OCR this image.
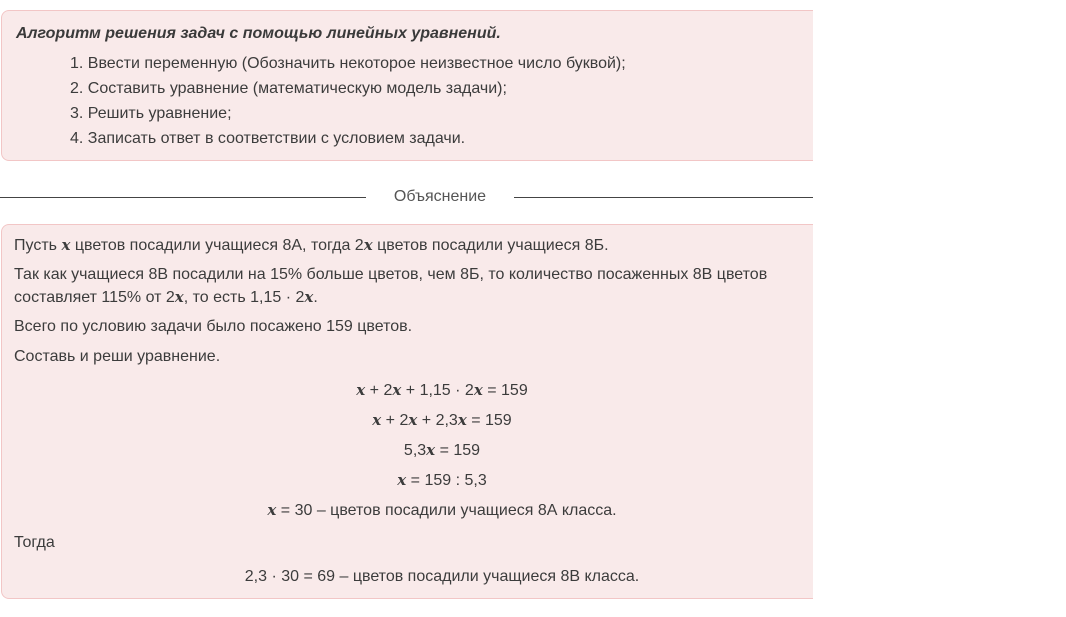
Алгоритм решения задач с помощью линейных уравнений.
1. Ввести переменную (Обозначить некоторое неизвестное число буквой);
2. Составить уравнение (математическую модель задачи);
3. Решить уравнение;
4. Записать ответ в соответствии с условием задачи.
Объяснение
Пусть 𝒙 цветов посадили учащиеся 8А, тогда 2𝒙 цветов посадили учащиеся 8Б.
Так как учащиеся 8В посадили на 15% больше цветов, чем 8Б, то количество посаженных 8В цветов
составляет 115% от 2𝒙, то есть 1,15 · 2𝒙.
Всего по условию задачи было посажено 159 цветов.
Составь и реши уравнение.
𝒙 + 2𝒙 + 1,15 · 2𝒙 = 159
𝒙 + 2𝒙 + 2,3𝒙 = 159
5,3𝒙 = 159
𝒙 = 159 : 5,3
𝒙 = 30 – цветов посадили учащиеся 8А класса.
Тогда
2,3 · 30 = 69 – цветов посадили учащиеся 8В класса.
